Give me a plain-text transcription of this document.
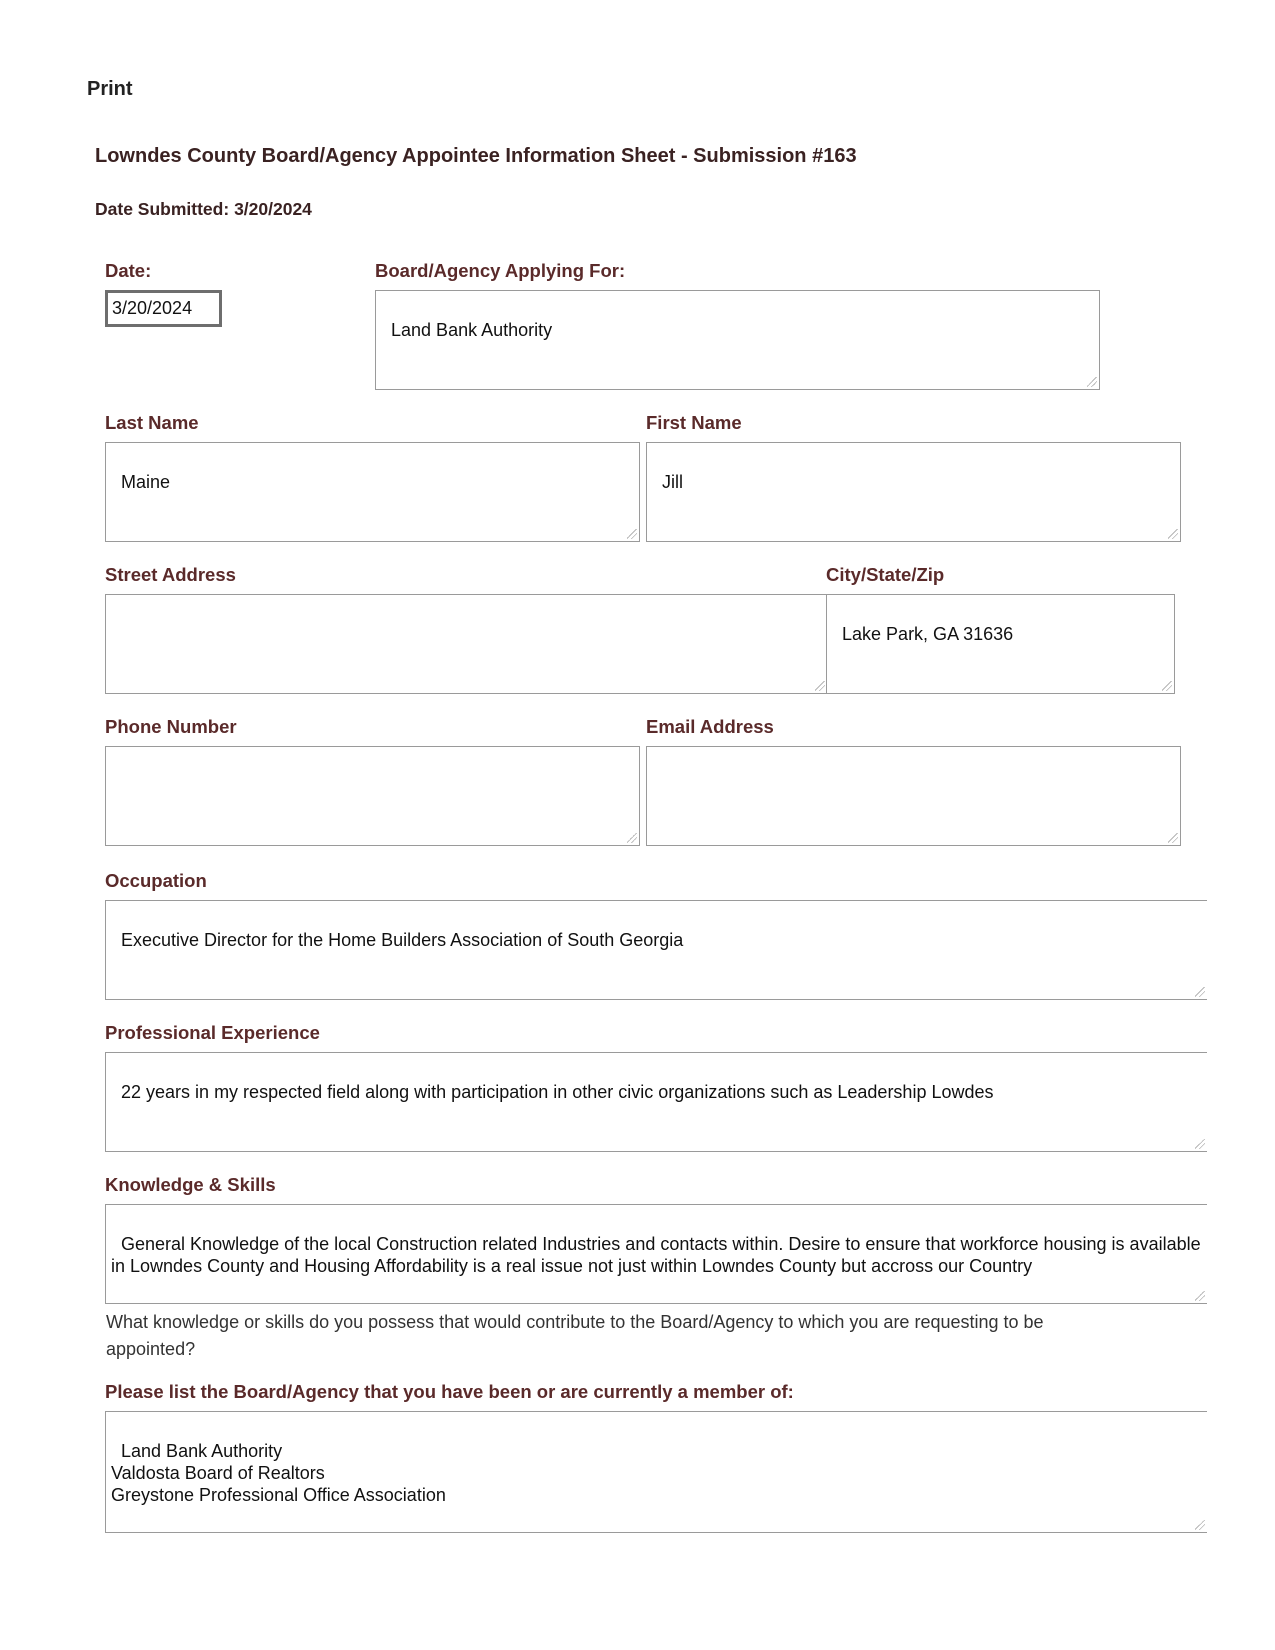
Print
Lowndes County Board/Agency Appointee Information Sheet - Submission #163
Date Submitted: 3/20/2024
Date:
3/20/2024
Board/Agency Applying For:

Land Bank Authority

Last Name

Maine

First Name

Jill

Street Address

	City/State/Zip

Lake Park, GA 31636

Phone Number

	Email Address

Occupation

Executive Director for the Home Builders Association of South Georgia

Professional Experience

22 years in my respected field along with participation in other civic organizations such as Leadership Lowdes

Knowledge & Skills

General Knowledge of the local Construction related Industries and contacts within. Desire to ensure that workforce housing is available in Lowndes County and Housing Affordability is a real issue not just within Lowndes County but accross our Country

What knowledge or skills do you possess that would contribute to the Board/Agency to which you are requesting to be appointed?
Please list the Board/Agency that you have been or are currently a member of:

Land Bank Authority
Valdosta Board of Realtors
Greystone Professional Office Association
